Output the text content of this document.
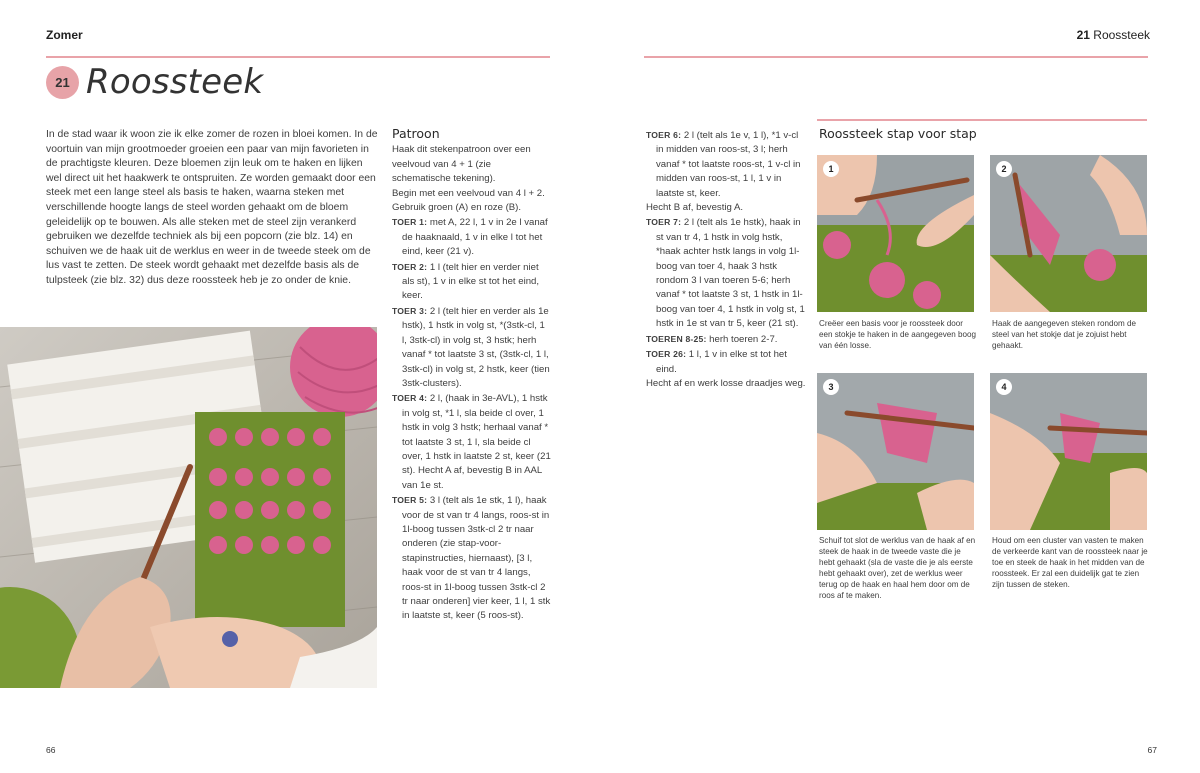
Zomer
21 Roossteek
In de stad waar ik woon zie ik elke zomer de rozen in bloei komen. In de voortuin van mijn grootmoeder groeien een paar van mijn favorieten in de prachtigste kleuren. Deze bloemen zijn leuk om te haken en lijken wel direct uit het haakwerk te ontspruiten. Ze worden gemaakt door een steek met een lange steel als basis te haken, waarna steken met verschillende hoogte langs de steel worden gehaakt om de bloem geleidelijk op te bouwen. Als alle steken met de steel zijn verankerd gebruiken we dezelfde techniek als bij een popcorn (zie blz. 14) en schuiven we de haak uit de werklus en weer in de tweede steek om de lus vast te zetten. De steek wordt gehaakt met dezelfde basis als de tulpsteek (zie blz. 32) dus deze roossteek heb je zo onder de knie.
Patroon
Haak dit stekenpatroon over een veelvoud van 4 + 1 (zie schematische tekening).
Begin met een veelvoud van 4 l + 2. Gebruik groen (A) en roze (B).
TOER 1: met A, 22 l, 1 v in 2e l vanaf de haaknaald, 1 v in elke l tot het eind, keer (21 v).
TOER 2: 1 l (telt hier en verder niet als st), 1 v in elke st tot het eind, keer.
TOER 3: 2 l (telt hier en verder als 1e hstk), 1 hstk in volg st, *(3stk-cl, 1 l, 3stk-cl) in volg st, 3 hstk; herh vanaf * tot laatste 3 st, (3stk-cl, 1 l, 3stk-cl) in volg st, 2 hstk, keer (tien 3stk-clusters).
TOER 4: 2 l, (haak in 3e-AVL), 1 hstk in volg st, *1 l, sla beide cl over, 1 hstk in volg 3 hstk; herhaal vanaf * tot laatste 3 st, 1 l, sla beide cl over, 1 hstk in laatste 2 st, keer (21 st). Hecht A af, bevestig B in AAL van 1e st.
TOER 5: 3 l (telt als 1e stk, 1 l), haak voor de st van tr 4 langs, roos-st in 1l-boog tussen 3stk-cl 2 tr naar onderen (zie stap-voor-stapinstructies, hiernaast), [3 l, haak voor de st van tr 4 langs, roos-st in 1l-boog tussen 3stk-cl 2 tr naar onderen] vier keer, 1 l, 1 stk in laatste st, keer (5 roos-st).
66
21 Roossteek
67
TOER 6: 2 l (telt als 1e v, 1 l), *1 v-cl in midden van roos-st, 3 l; herh vanaf * tot laatste roos-st, 1 v-cl in midden van roos-st, 1 l, 1 v in laatste st, keer.
Hecht B af, bevestig A.
TOER 7: 2 l (telt als 1e hstk), haak in st van tr 4, 1 hstk in volg hstk, *haak achter hstk langs in volg 1l-boog van toer 4, haak 3 hstk rondom 3 l van toeren 5-6; herh vanaf * tot laatste 3 st, 1 hstk in 1l-boog van toer 4, 1 hstk in volg st, 1 hstk in 1e st van tr 5, keer (21 st).
TOEREN 8-25: herh toeren 2-7.
TOER 26: 1 l, 1 v in elke st tot het eind.
Hecht af en werk losse draadjes weg.
Roossteek stap voor stap
1	2
3	4
Creëer een basis voor je roossteek door een stokje te haken in de aangegeven boog van één losse.
Haak de aangegeven steken rondom de steel van het stokje dat je zojuist hebt gehaakt.
Schuif tot slot de werklus van de haak af en steek de haak in de tweede vaste die je hebt gehaakt (sla de vaste die je als eerste hebt gehaakt over), zet de werklus weer terug op de haak en haal hem door om de roos af te maken.
Houd om een cluster van vasten te maken de verkeerde kant van de roossteek naar je toe en steek de haak in het midden van de roossteek. Er zal een duidelijk gat te zien zijn tussen de steken.
